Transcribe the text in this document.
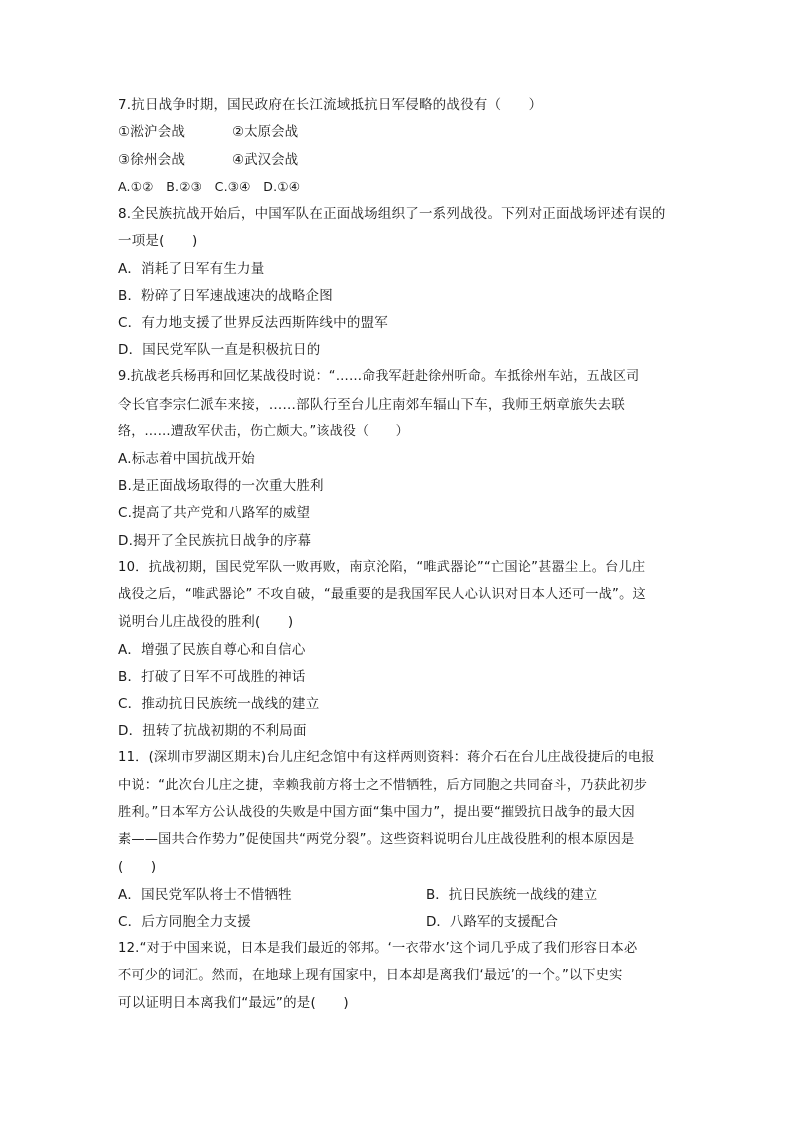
7.抗日战争时期，国民政府在长江流域抵抗日军侵略的战役有（　　）
①淞沪会战	②太原会战
③徐州会战	④武汉会战
A.①②　B.②③　C.③④　D.①④
8.全民族抗战开始后，中国军队在正面战场组织了一系列战役。下列对正面战场评述有误的
一项是(　　)
A．消耗了日军有生力量
B．粉碎了日军速战速决的战略企图
C．有力地支援了世界反法西斯阵线中的盟军
D．国民党军队一直是积极抗日的
9.抗战老兵杨再和回忆某战役时说：“……命我军赶赴徐州听命。车抵徐州车站，五战区司
令长官李宗仁派车来接，……部队行至台儿庄南郊车辐山下车，我师王炳章旅失去联
络，……遭敌军伏击，伤亡颇大。”该战役（　　）
A.标志着中国抗战开始
B.是正面战场取得的一次重大胜利
C.提高了共产党和八路军的威望
D.揭开了全民族抗日战争的序幕
10．抗战初期，国民党军队一败再败，南京沦陷，“唯武器论”“亡国论”甚嚣尘上。台儿庄
战役之后，“唯武器论” 不攻自破，“最重要的是我国军民人心认识对日本人还可一战”。这
说明台儿庄战役的胜利(　　)
A．增强了民族自尊心和自信心
B．打破了日军不可战胜的神话
C．推动抗日民族统一战线的建立
D．扭转了抗战初期的不利局面
11．(深圳市罗湖区期末)台儿庄纪念馆中有这样两则资料：蒋介石在台儿庄战役捷后的电报
中说：“此次台儿庄之捷，幸赖我前方将士之不惜牺牲，后方同胞之共同奋斗，乃获此初步
胜利。”日本军方公认战役的失败是中国方面“集中国力”，提出要“摧毁抗日战争的最大因
素——国共合作势力”促使国共“两党分裂”。这些资料说明台儿庄战役胜利的根本原因是
(　　)
A．国民党军队将士不惜牺牲	B．抗日民族统一战线的建立
C．后方同胞全力支援	D．八路军的支援配合
12.“对于中国来说，日本是我们最近的邻邦。‘一衣带水’这个词几乎成了我们形容日本必
不可少的词汇。然而，在地球上现有国家中，日本却是离我们‘最远’的一个。”以下史实
可以证明日本离我们“最远”的是(　　)
